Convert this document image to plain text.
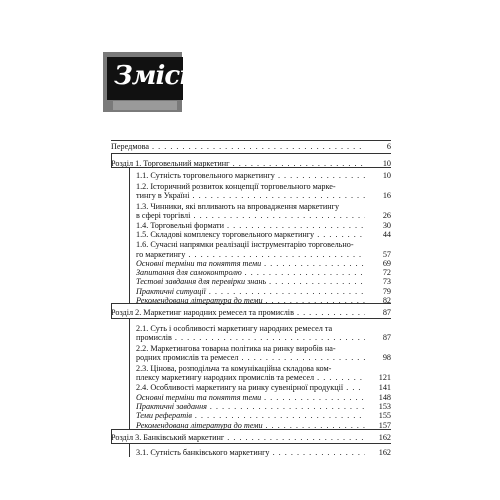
Зміст
Передмова . . .	6
Розділ 1. Торговельний маркетинг . . .	10
1.1. Сутність торговельного маркетингу . . .	10
1.2. Історичний розвиток концепції торговельного марке-
тингу в Україні . . .	16
1.3. Чинники, які впливають на впровадження маркетингу
в сфері торгівлі . . .	26
1.4. Торговельні формати . . .	30
1.5. Складові комплексу торговельного маркетингу . . .	44
1.6. Сучасні напрямки реалізації інструментарію торговельно-
го маркетингу . . .	57
Основні терміни та поняття теми . . .	69
Запитання для самоконтролю . . .	72
Тестові завдання для перевірки знань . . .	73
Практичні ситуації . . .	79
Рекомендована література до теми . . .	82
Розділ 2. Маркетинг народних ремесел та промислів . . .	87
2.1. Суть і особливості маркетингу народних ремесел та
промислів . . .	87
2.2. Маркетингова товарна політика на ринку виробів на-
родних промислів та ремесел . . .	98
2.3. Цінова, розподільча та комунікаційна складова ком-
плексу маркетингу народних промислів та ремесел . . .	121
2.4. Особливості маркетингу на ринку сувенірної продукції . . .	141
Основні терміни та поняття теми . . .	148
Практичні завдання . . .	153
Теми рефератів . . .	155
Рекомендована література до теми . . .	157
Розділ 3. Банківський маркетинг . . .	162
3.1. Сутність банківського маркетингу . . .	162
